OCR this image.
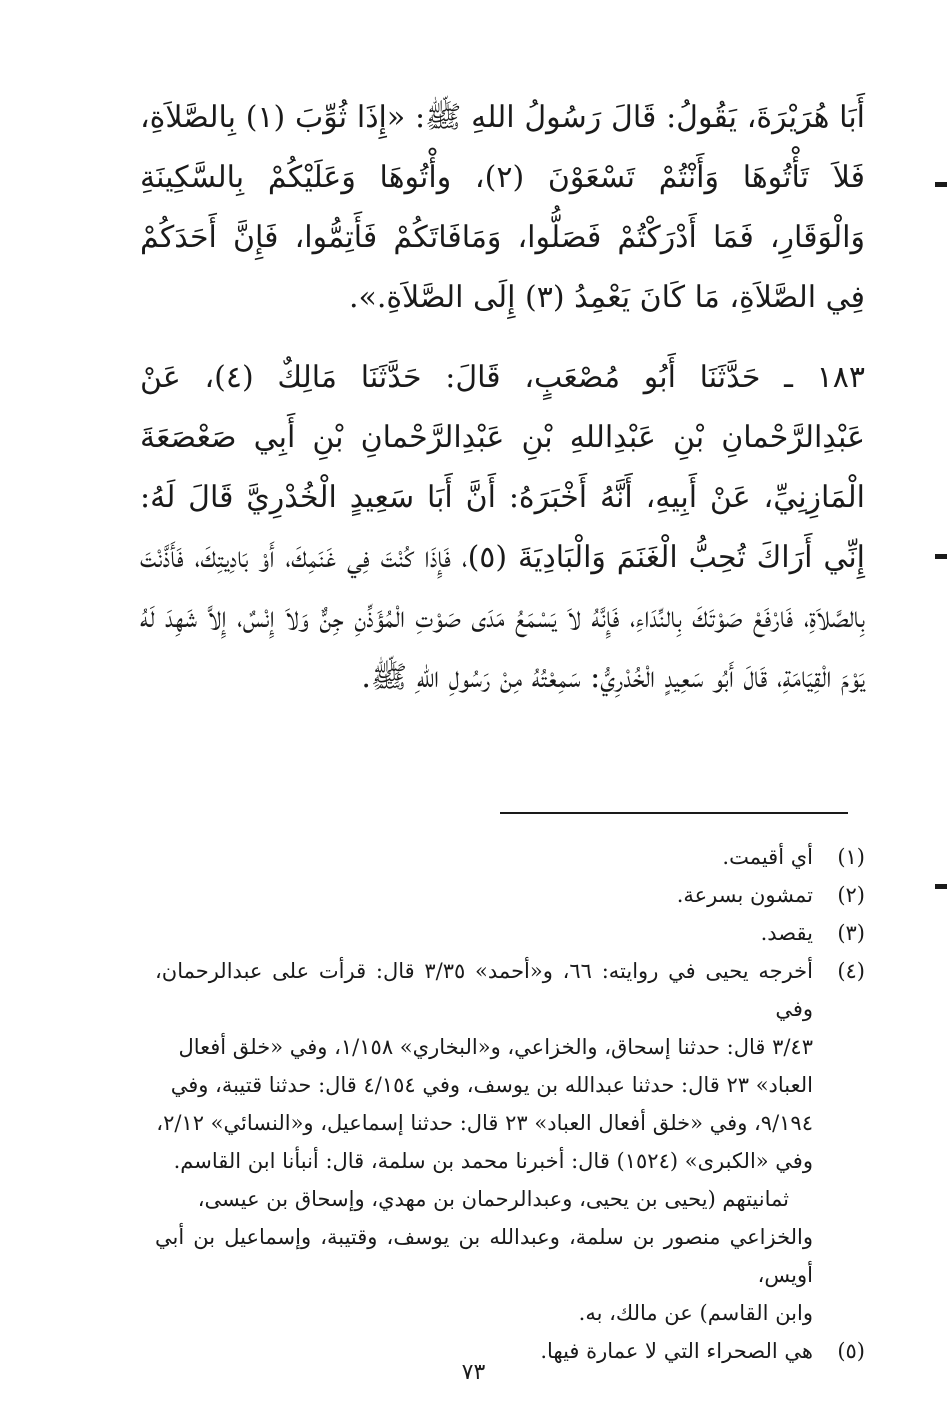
أَبَا هُرَيْرَةَ، يَقُولُ: قَالَ رَسُولُ اللهِ ﷺ: «إِذَا ثُوِّبَ (١) بِالصَّلاَةِ، فَلاَ تَأْتُوهَا وَأَنْتُمْ تَسْعَوْنَ (٢)، وأْتُوهَا وَعَلَيْكُمْ بِالسَّكِينَةِ وَالْوَقَارِ، فَمَا أَدْرَكْتُمْ فَصَلُّوا، وَمَافَاتَكُمْ فَأَتِمُّوا، فَإِنَّ أَحَدَكُمْ فِي الصَّلاَةِ، مَا كَانَ يَعْمِدُ (٣) إِلَى الصَّلاَةِ.».

١٨٣ ـ حَدَّثَنَا أَبُو مُصْعَبٍ، قَالَ: حَدَّثَنَا مَالِكٌ (٤)، عَنْ عَبْدِالرَّحْمانِ بْنِ عَبْدِاللهِ بْنِ عَبْدِالرَّحْمانِ بْنِ أَبِي صَعْصَعَةَ الْمَازِنِيِّ، عَنْ أَبِيهِ، أَنَّهُ أَخْبَرَهُ: أَنَّ أَبَا سَعِيدٍ الْخُدْرِيَّ قَالَ لَهُ: إِنِّي أَرَاكَ تُحِبُّ الْغَنَمَ وَالْبَادِيَةَ (٥)، فَإِذَا كُنْتَ فِي غَنَمِكَ، أَوْ بَادِيتِكَ، فَأَذَّنْتَ بِالصَّلاَةِ، فَارْفَعْ صَوْتَكَ بِالنِّدَاءِ، فَإِنَّهُ لاَ يَسْمَعُ مَدَى صَوْتِ الْمُؤَذِّنِ جِنٌّ وَلاَ إِنْسٌ، إِلاَّ شَهِدَ لَهُ يَوْمَ الْقِيَامَةِ، قَالَ أَبُو سَعِيدٍ الْخُدْرِيُّ: سَمِعْتُهُ مِنْ رَسُولِ اللهِ ﷺ.

(١)
أي أقيمت.
(٢)
تمشون بسرعة.
(٣)
يقصد.
(٤)
أخرجه يحيى في روايته: ٦٦، و«أحمد» ٣/٣٥ قال: قرأت على عبدالرحمان، وفي
٣/٤٣ قال: حدثنا إسحاق، والخزاعي، و«البخاري» ١/١٥٨، وفي «خلق أفعال
العباد» ٢٣ قال: حدثنا عبدالله بن يوسف، وفي ٤/١٥٤ قال: حدثنا قتيبة، وفي
٩/١٩٤، وفي «خلق أفعال العباد» ٢٣ قال: حدثنا إسماعيل، و«النسائي» ٢/١٢،
وفي «الكبرى» (١٥٢٤) قال: أخبرنا محمد بن سلمة، قال: أنبأنا ابن القاسم.
ثمانيتهم (يحيى بن يحيى، وعبدالرحمان بن مهدي، وإسحاق بن عيسى،
والخزاعي منصور بن سلمة، وعبدالله بن يوسف، وقتيبة، وإسماعيل بن أبي أويس،
وابن القاسم) عن مالك، به.
(٥)
هي الصحراء التي لا عمارة فيها.
٧٣
